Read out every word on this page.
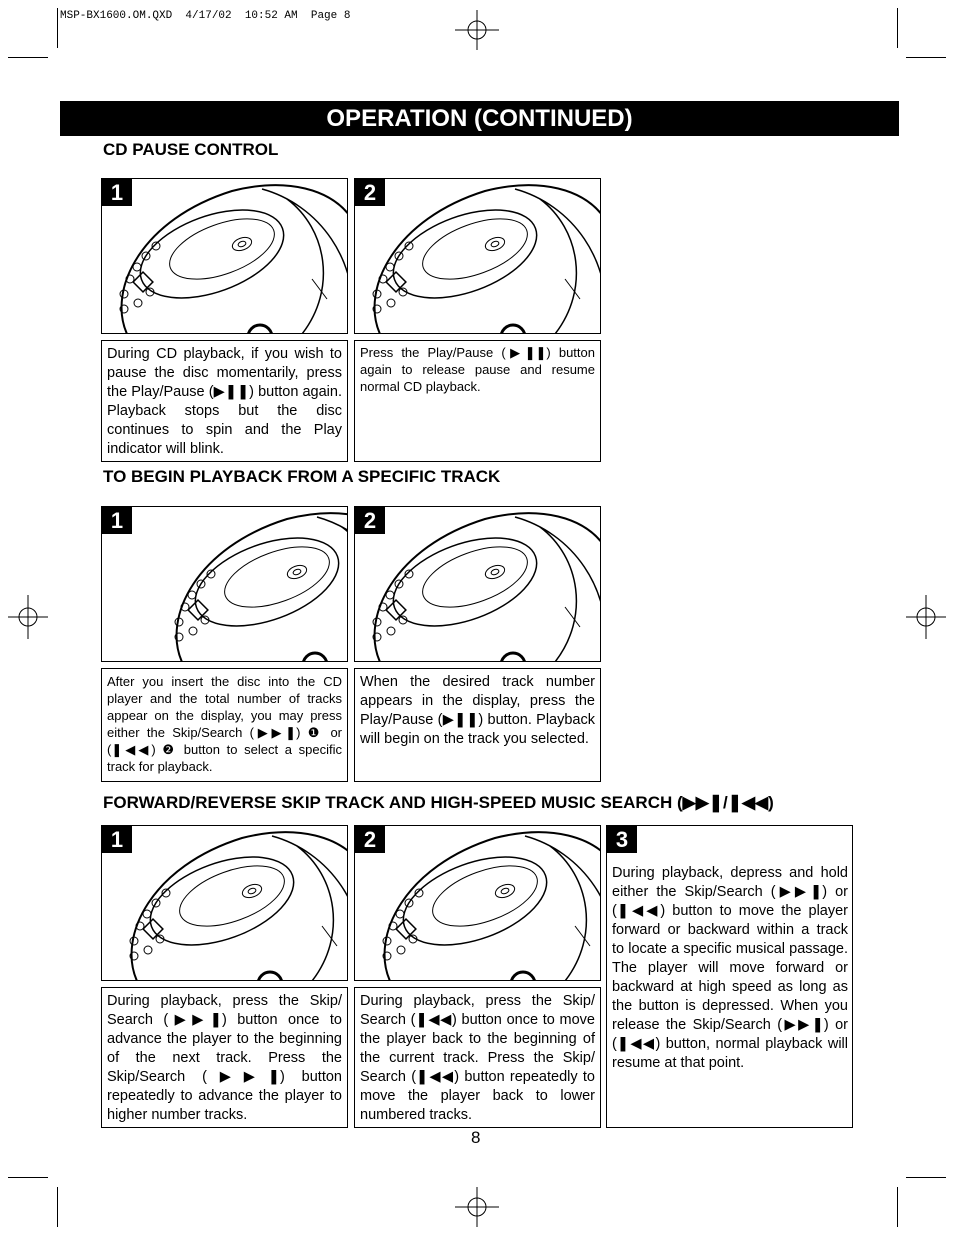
MSP-BX1600.OM.QXD  4/17/02  10:52 AM  Page 8
OPERATION (CONTINUED)
CD PAUSE CONTROL
1	2
During CD playback, if you wish to pause the disc momentarily, press the Play/Pause (▶❚❚) button again. Playback stops but the disc continues to spin and the Play indicator will blink.
Press the Play/Pause (▶❚❚) button again to release pause and resume normal CD playback.
TO BEGIN PLAYBACK FROM A SPECIFIC TRACK
1	2
After you insert the disc into the CD player and the total number of tracks appear on the display, you may press either the Skip/Search (▶▶❚) ❶ or (❚◀◀) ❷ button to select a specific track for playback.
When the desired track number appears in the display, press the Play/Pause (▶❚❚) button. Playback will begin on the track you selected.
FORWARD/REVERSE SKIP TRACK AND HIGH-SPEED MUSIC SEARCH (▶▶❚/❚◀◀)
1	2	3
During playback, depress and hold either the Skip/Search (▶▶❚) or (❚◀◀) button to move the player forward or backward within a track to locate a specific musical passage. The player will move forward or backward at high speed as long as the button is depressed. When you release the Skip/Search (▶▶❚) or (❚◀◀) button, normal playback will resume at that point.
During playback, press the Skip/ Search (▶▶❚) button once to advance the player to the beginning of the next track. Press the Skip/Search (▶▶❚) button repeatedly to advance the player to higher number tracks.
During playback, press the Skip/ Search (❚◀◀) button once to move the player back to the beginning of the current track. Press the Skip/ Search (❚◀◀) button repeatedly to move the player back to lower numbered tracks.
8
